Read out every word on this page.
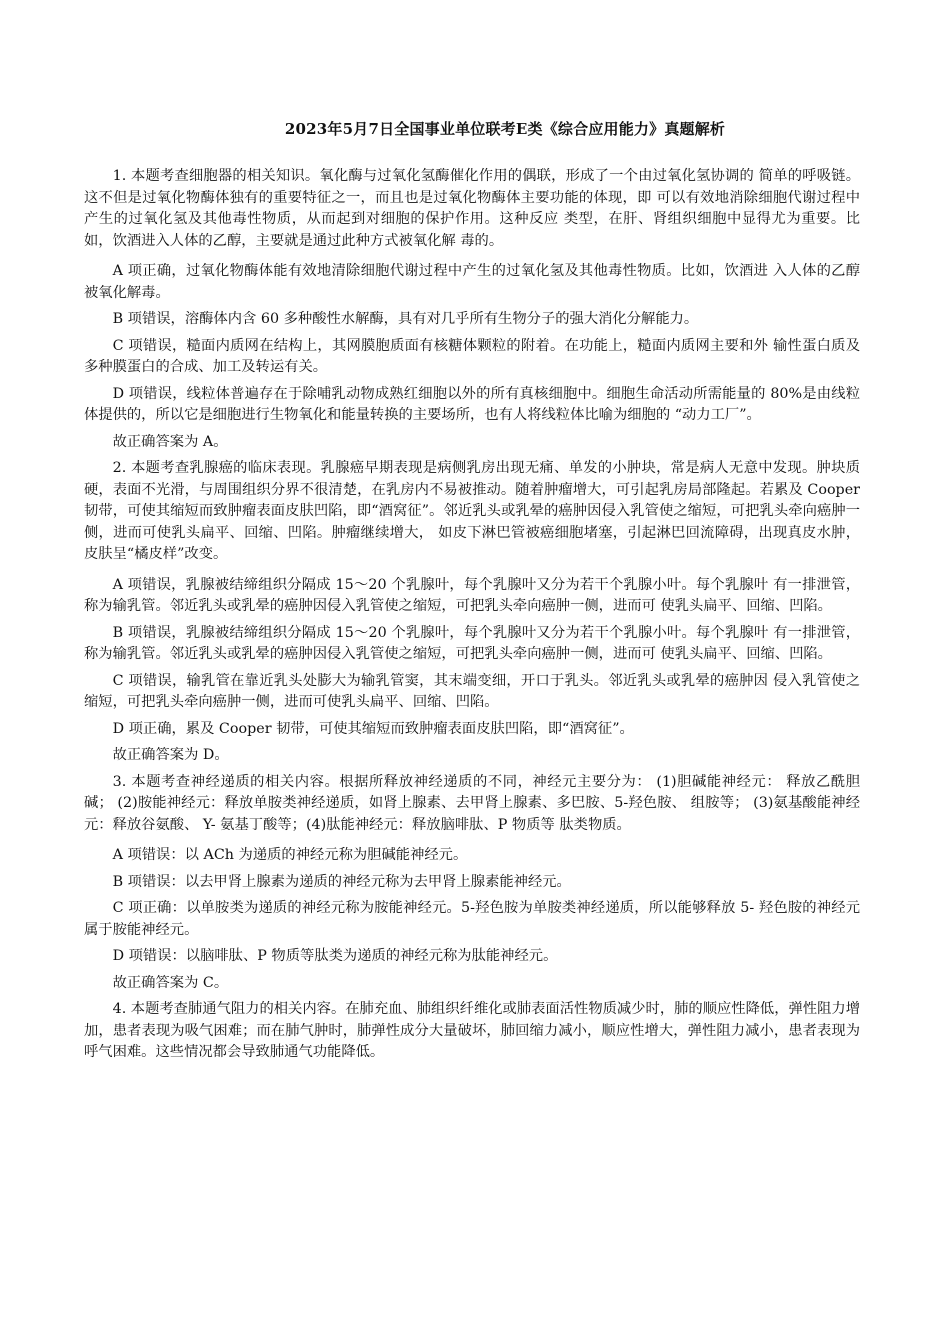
2023年5月7日全国事业单位联考E类《综合应用能力》真题解析

1. 本题考查细胞器的相关知识。氧化酶与过氧化氢酶催化作用的偶联，形成了一个由过氧化氢协调的 简单的呼吸链。这不但是过氧化物酶体独有的重要特征之一，而且也是过氧化物酶体主要功能的体现，即 可以有效地消除细胞代谢过程中产生的过氧化氢及其他毒性物质，从而起到对细胞的保护作用。这种反应 类型，在肝、肾组织细胞中显得尤为重要。比如，饮酒进入人体的乙醇，主要就是通过此种方式被氧化解 毒的。

A 项正确，过氧化物酶体能有效地清除细胞代谢过程中产生的过氧化氢及其他毒性物质。比如，饮酒进 入人体的乙醇被氧化解毒。

B 项错误，溶酶体内含 60 多种酸性水解酶，具有对几乎所有生物分子的强大消化分解能力。

C 项错误，糙面内质网在结构上，其网膜胞质面有核糖体颗粒的附着。在功能上，糙面内质网主要和外 输性蛋白质及多种膜蛋白的合成、加工及转运有关。

D 项错误，线粒体普遍存在于除哺乳动物成熟红细胞以外的所有真核细胞中。细胞生命活动所需能量的 80%是由线粒体提供的，所以它是细胞进行生物氧化和能量转换的主要场所，也有人将线粒体比喻为细胞的 “动力工厂”。

故正确答案为 A。

2. 本题考查乳腺癌的临床表现。乳腺癌早期表现是病侧乳房出现无痛、单发的小肿块，常是病人无意中发现。肿块质硬，表面不光滑，与周围组织分界不很清楚，在乳房内不易被推动。随着肿瘤增大，可引起乳房局部隆起。若累及 Cooper 韧带，可使其缩短而致肿瘤表面皮肤凹陷，即“酒窝征”。邻近乳头或乳晕的癌肿因侵入乳管使之缩短，可把乳头牵向癌肿一侧，进而可使乳头扁平、回缩、凹陷。肿瘤继续增大， 如皮下淋巴管被癌细胞堵塞，引起淋巴回流障碍，出现真皮水肿，皮肤呈“橘皮样”改变。

A 项错误，乳腺被结缔组织分隔成 15～20 个乳腺叶，每个乳腺叶又分为若干个乳腺小叶。每个乳腺叶 有一排泄管，称为输乳管。邻近乳头或乳晕的癌肿因侵入乳管使之缩短，可把乳头牵向癌肿一侧，进而可 使乳头扁平、回缩、凹陷。

B 项错误，乳腺被结缔组织分隔成 15～20 个乳腺叶，每个乳腺叶又分为若干个乳腺小叶。每个乳腺叶 有一排泄管，称为输乳管。邻近乳头或乳晕的癌肿因侵入乳管使之缩短，可把乳头牵向癌肿一侧，进而可 使乳头扁平、回缩、凹陷。

C 项错误，输乳管在靠近乳头处膨大为输乳管窦，其末端变细，开口于乳头。邻近乳头或乳晕的癌肿因 侵入乳管使之缩短，可把乳头牵向癌肿一侧，进而可使乳头扁平、回缩、凹陷。

D 项正确，累及 Cooper 韧带，可使其缩短而致肿瘤表面皮肤凹陷，即“酒窝征”。

故正确答案为 D。

3. 本题考查神经递质的相关内容。根据所释放神经递质的不同，神经元主要分为： (1)胆碱能神经元： 释放乙酰胆碱； (2)胺能神经元：释放单胺类神经递质，如肾上腺素、去甲肾上腺素、多巴胺、5-羟色胺、 组胺等； (3)氨基酸能神经元：释放谷氨酸、 Y- 氨基丁酸等；(4)肽能神经元：释放脑啡肽、P 物质等 肽类物质。

A 项错误：以 ACh 为递质的神经元称为胆碱能神经元。

B 项错误：以去甲肾上腺素为递质的神经元称为去甲肾上腺素能神经元。

C 项正确：以单胺类为递质的神经元称为胺能神经元。5-羟色胺为单胺类神经递质，所以能够释放 5- 羟色胺的神经元属于胺能神经元。

D 项错误：以脑啡肽、P 物质等肽类为递质的神经元称为肽能神经元。

故正确答案为 C。

4. 本题考查肺通气阻力的相关内容。在肺充血、肺组织纤维化或肺表面活性物质减少时，肺的顺应性降低，弹性阻力增加，患者表现为吸气困难；而在肺气肿时，肺弹性成分大量破坏，肺回缩力减小，顺应性增大，弹性阻力减小，患者表现为呼气困难。这些情况都会导致肺通气功能降低。
